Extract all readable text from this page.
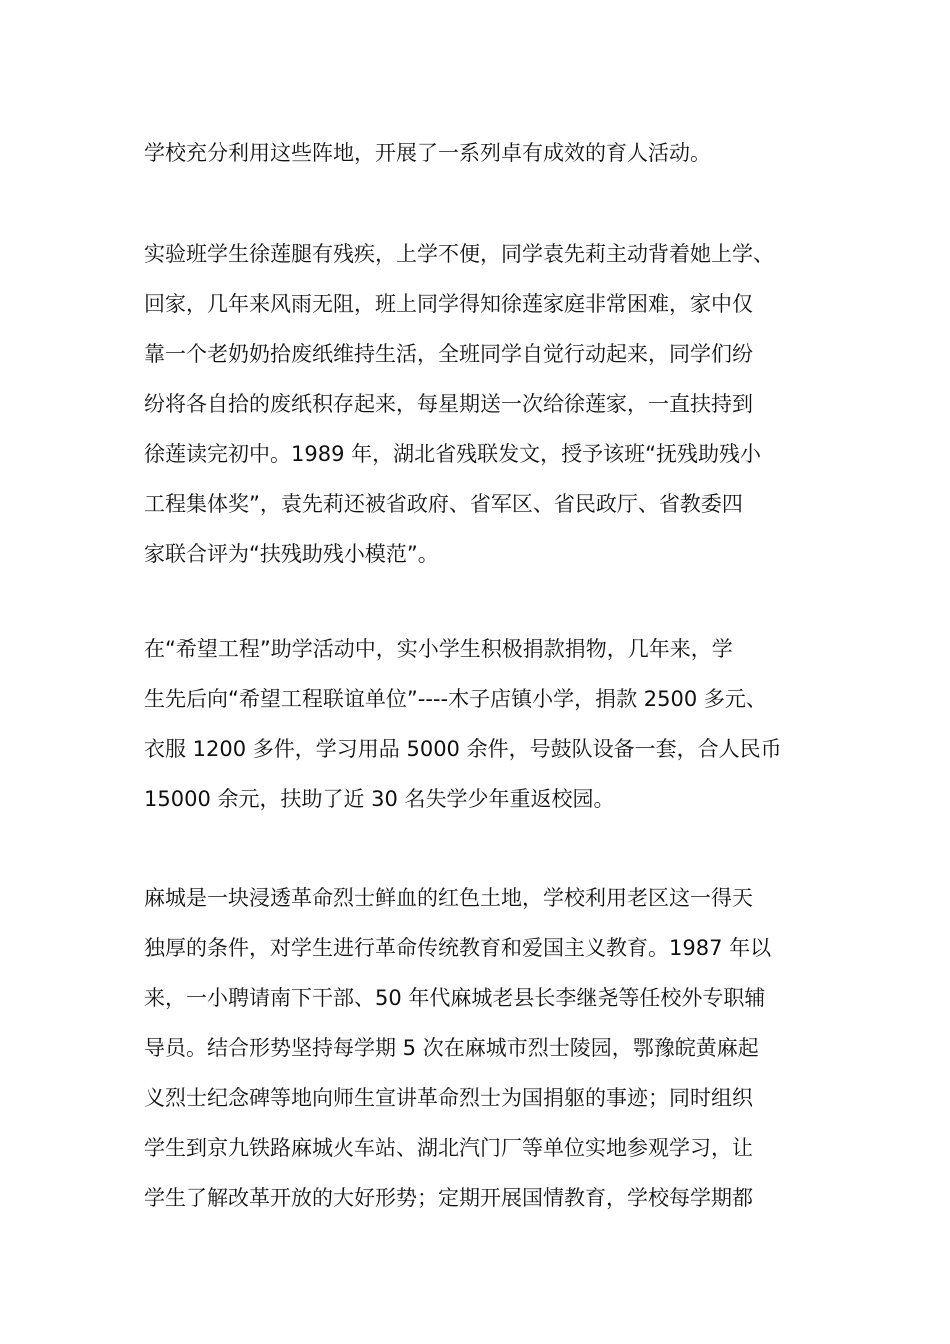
学校充分利用这些阵地，开展了一系列卓有成效的育人活动。
实验班学生徐莲腿有残疾，上学不便，同学袁先莉主动背着她上学、
回家，几年来风雨无阻，班上同学得知徐莲家庭非常困难，家中仅
靠一个老奶奶拾废纸维持生活，全班同学自觉行动起来，同学们纷
纷将各自拾的废纸积存起来，每星期送一次给徐莲家，一直扶持到
徐莲读完初中。1989 年，湖北省残联发文，授予该班“抚残助残小
工程集体奖”，袁先莉还被省政府、省军区、省民政厅、省教委四
家联合评为“扶残助残小模范”。
在“希望工程”助学活动中，实小学生积极捐款捐物，几年来，学
生先后向“希望工程联谊单位”----木子店镇小学，捐款 2500 多元、
衣服 1200 多件，学习用品 5000 余件，号鼓队设备一套，合人民币
15000 余元，扶助了近 30 名失学少年重返校园。
麻城是一块浸透革命烈士鲜血的红色土地，学校利用老区这一得天
独厚的条件，对学生进行革命传统教育和爱国主义教育。1987 年以
来，一小聘请南下干部、50 年代麻城老县长李继尧等任校外专职辅
导员。结合形势坚持每学期 5 次在麻城市烈士陵园，鄂豫皖黄麻起
义烈士纪念碑等地向师生宣讲革命烈士为国捐躯的事迹；同时组织
学生到京九铁路麻城火车站、湖北汽门厂等单位实地参观学习，让
学生了解改革开放的大好形势；定期开展国情教育，学校每学期都
